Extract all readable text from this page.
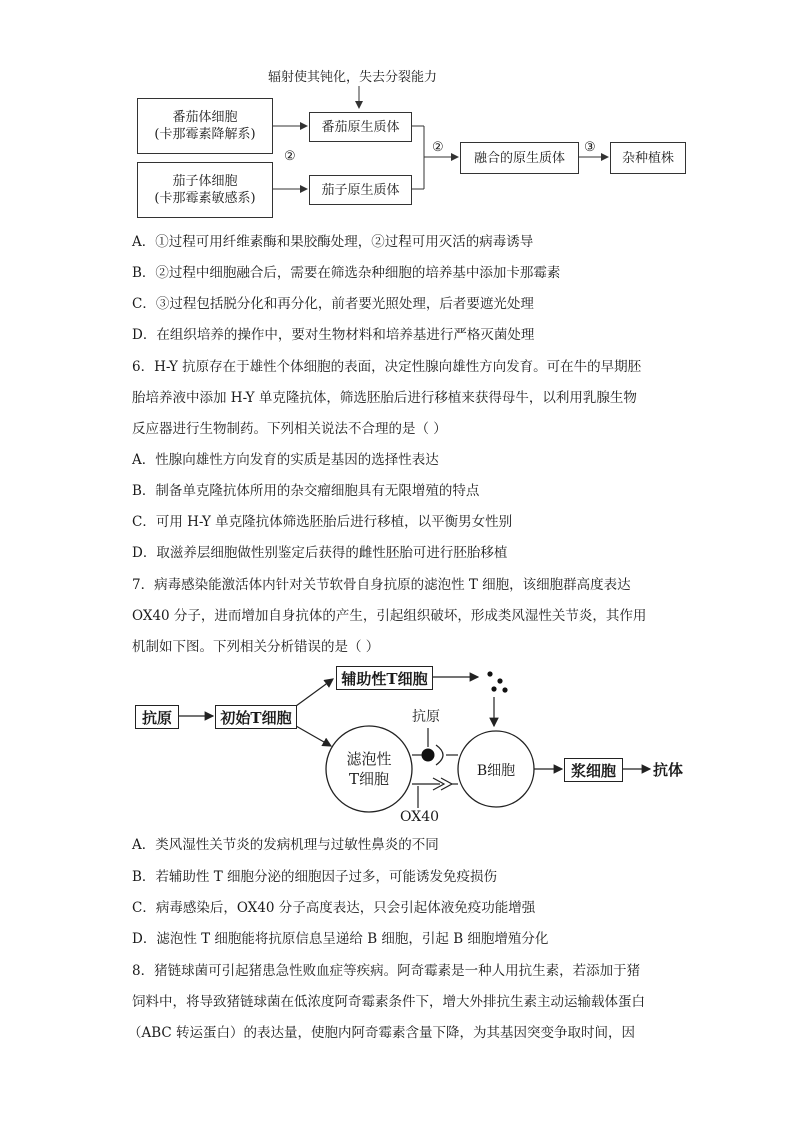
辐射使其钝化，失去分裂能力
番茄体细胞
(卡那霉素降解系)
茄子体细胞
(卡那霉素敏感系)
番茄原生质体
茄子原生质体
②
②
融合的原生质体
③
杂种植株
A．①过程可用纤维素酶和果胶酶处理，②过程可用灭活的病毒诱导
B．②过程中细胞融合后，需要在筛选杂种细胞的培养基中添加卡那霉素
C．③过程包括脱分化和再分化，前者要光照处理，后者要遮光处理
D．在组织培养的操作中，要对生物材料和培养基进行严格灭菌处理
6．H-Y 抗原存在于雄性个体细胞的表面，决定性腺向雄性方向发育。可在牛的早期胚
胎培养液中添加 H-Y 单克隆抗体，筛选胚胎后进行移植来获得母牛，以利用乳腺生物
反应器进行生物制药。下列相关说法不合理的是（ ）
A．性腺向雄性方向发育的实质是基因的选择性表达
B．制备单克隆抗体所用的杂交瘤细胞具有无限增殖的特点
C．可用 H-Y 单克隆抗体筛选胚胎后进行移植，以平衡男女性别
D．取滋养层细胞做性别鉴定后获得的雌性胚胎可进行胚胎移植
7．病毒感染能激活体内针对关节软骨自身抗原的滤泡性 T 细胞，该细胞群高度表达
OX40 分子，进而增加自身抗体的产生，引起组织破坏，形成类风湿性关节炎，其作用
机制如下图。下列相关分析错误的是（ ）
抗原	初始T细胞
辅助性T细胞
滤泡性
T细胞
抗原
B细胞	浆细胞	抗体
OX40
A．类风湿性关节炎的发病机理与过敏性鼻炎的不同
B．若辅助性 T 细胞分泌的细胞因子过多，可能诱发免疫损伤
C．病毒感染后，OX40 分子高度表达，只会引起体液免疫功能增强
D．滤泡性 T 细胞能将抗原信息呈递给 B 细胞，引起 B 细胞增殖分化
8．猪链球菌可引起猪患急性败血症等疾病。阿奇霉素是一种人用抗生素，若添加于猪
饲料中，将导致猪链球菌在低浓度阿奇霉素条件下，增大外排抗生素主动运输载体蛋白
（ABC 转运蛋白）的表达量，使胞内阿奇霉素含量下降，为其基因突变争取时间，因
